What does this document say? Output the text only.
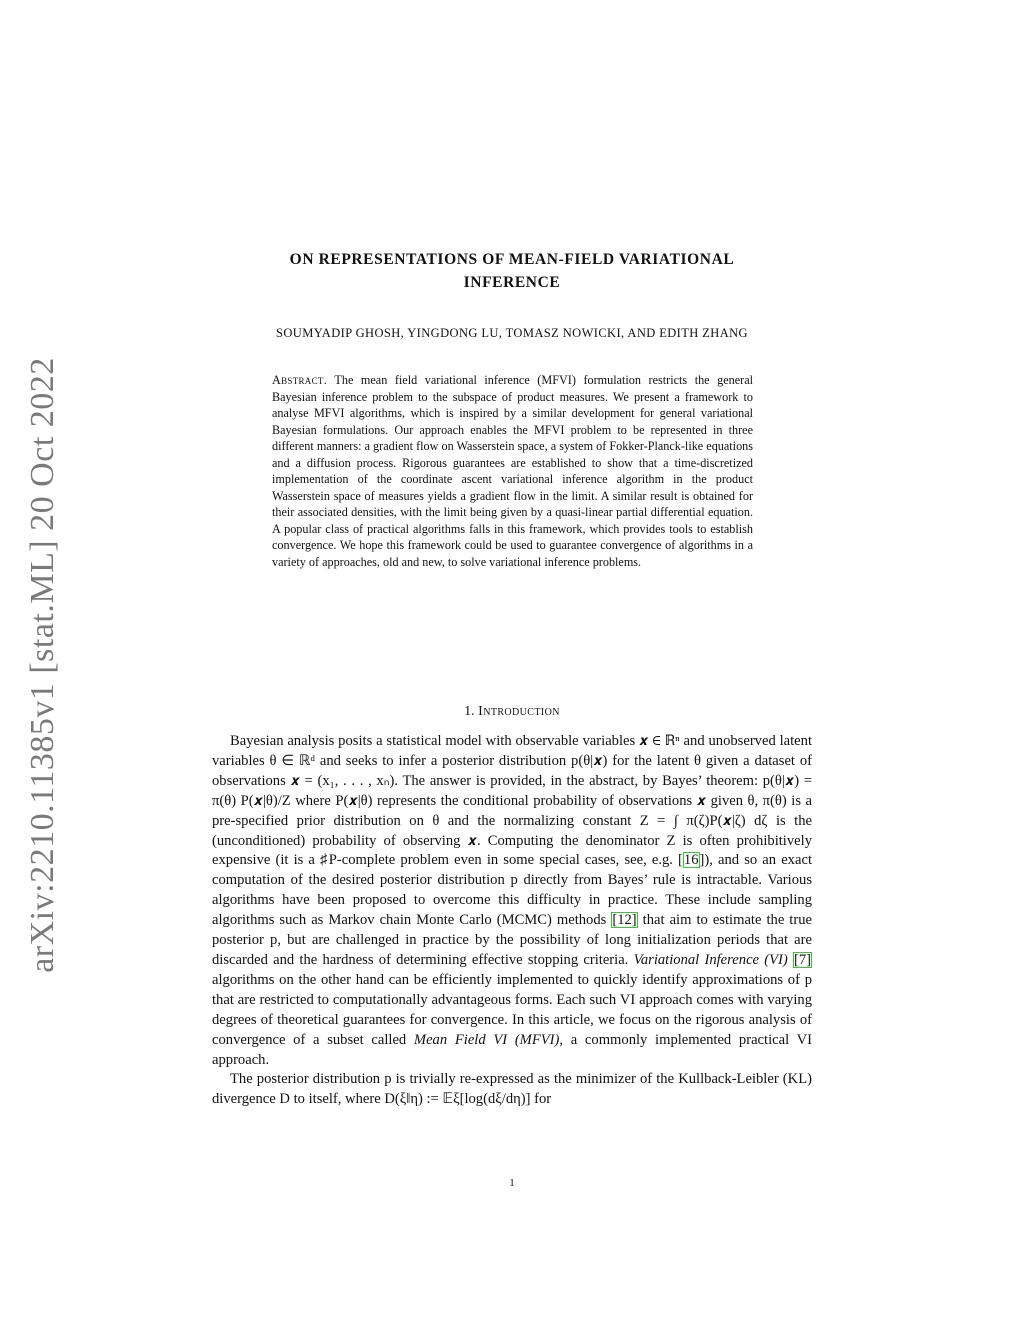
arXiv:2210.11385v1 [stat.ML] 20 Oct 2022
ON REPRESENTATIONS OF MEAN-FIELD VARIATIONAL
INFERENCE
SOUMYADIP GHOSH, YINGDONG LU, TOMASZ NOWICKI, AND EDITH ZHANG
Abstract. The mean field variational inference (MFVI) formulation restricts the general Bayesian inference problem to the subspace of product measures. We present a framework to analyse MFVI algorithms, which is inspired by a similar development for general variational Bayesian formulations. Our approach enables the MFVI problem to be represented in three different manners: a gradient flow on Wasserstein space, a system of Fokker-Planck-like equations and a diffusion process. Rigorous guarantees are established to show that a time-discretized implementation of the coordinate ascent variational inference algorithm in the product Wasserstein space of measures yields a gradient flow in the limit. A similar result is obtained for their associated densities, with the limit being given by a quasi-linear partial differential equation. A popular class of practical algorithms falls in this framework, which provides tools to establish convergence. We hope this framework could be used to guarantee convergence of algorithms in a variety of approaches, old and new, to solve variational inference problems.
1. Introduction

Bayesian analysis posits a statistical model with observable variables 𝒙 ∈ ℝⁿ and unobserved latent variables θ ∈ ℝᵈ and seeks to infer a posterior distribution p(θ|𝒙) for the latent θ given a dataset of observations 𝒙 = (x₁, . . . , xₙ). The answer is provided, in the abstract, by Bayes’ theorem: p(θ|𝒙) = π(θ) P(𝒙|θ)/Z where P(𝒙|θ) represents the conditional probability of observations 𝒙 given θ, π(θ) is a pre-specified prior distribution on θ and the normalizing constant Z = ∫ π(ζ)P(𝒙|ζ) dζ is the (unconditioned) probability of observing 𝒙. Computing the denominator Z is often prohibitively expensive (it is a ♯P-complete problem even in some special cases, see, e.g. [16]), and so an exact computation of the desired posterior distribution p directly from Bayes’ rule is intractable. Various algorithms have been proposed to overcome this difficulty in practice. These include sampling algorithms such as Markov chain Monte Carlo (MCMC) methods [12] that aim to estimate the true posterior p, but are challenged in practice by the possibility of long initialization periods that are discarded and the hardness of determining effective stopping criteria. Variational Inference (VI) [7] algorithms on the other hand can be efficiently implemented to quickly identify approximations of p that are restricted to computationally advantageous forms. Each such VI approach comes with varying degrees of theoretical guarantees for convergence. In this article, we focus on the rigorous analysis of convergence of a subset called Mean Field VI (MFVI), a commonly implemented practical VI approach.

The posterior distribution p is trivially re-expressed as the minimizer of the Kullback-Leibler (KL) divergence D to itself, where D(ξ‖η) := 𝔼ξ[log(dξ/dη)] for

1
